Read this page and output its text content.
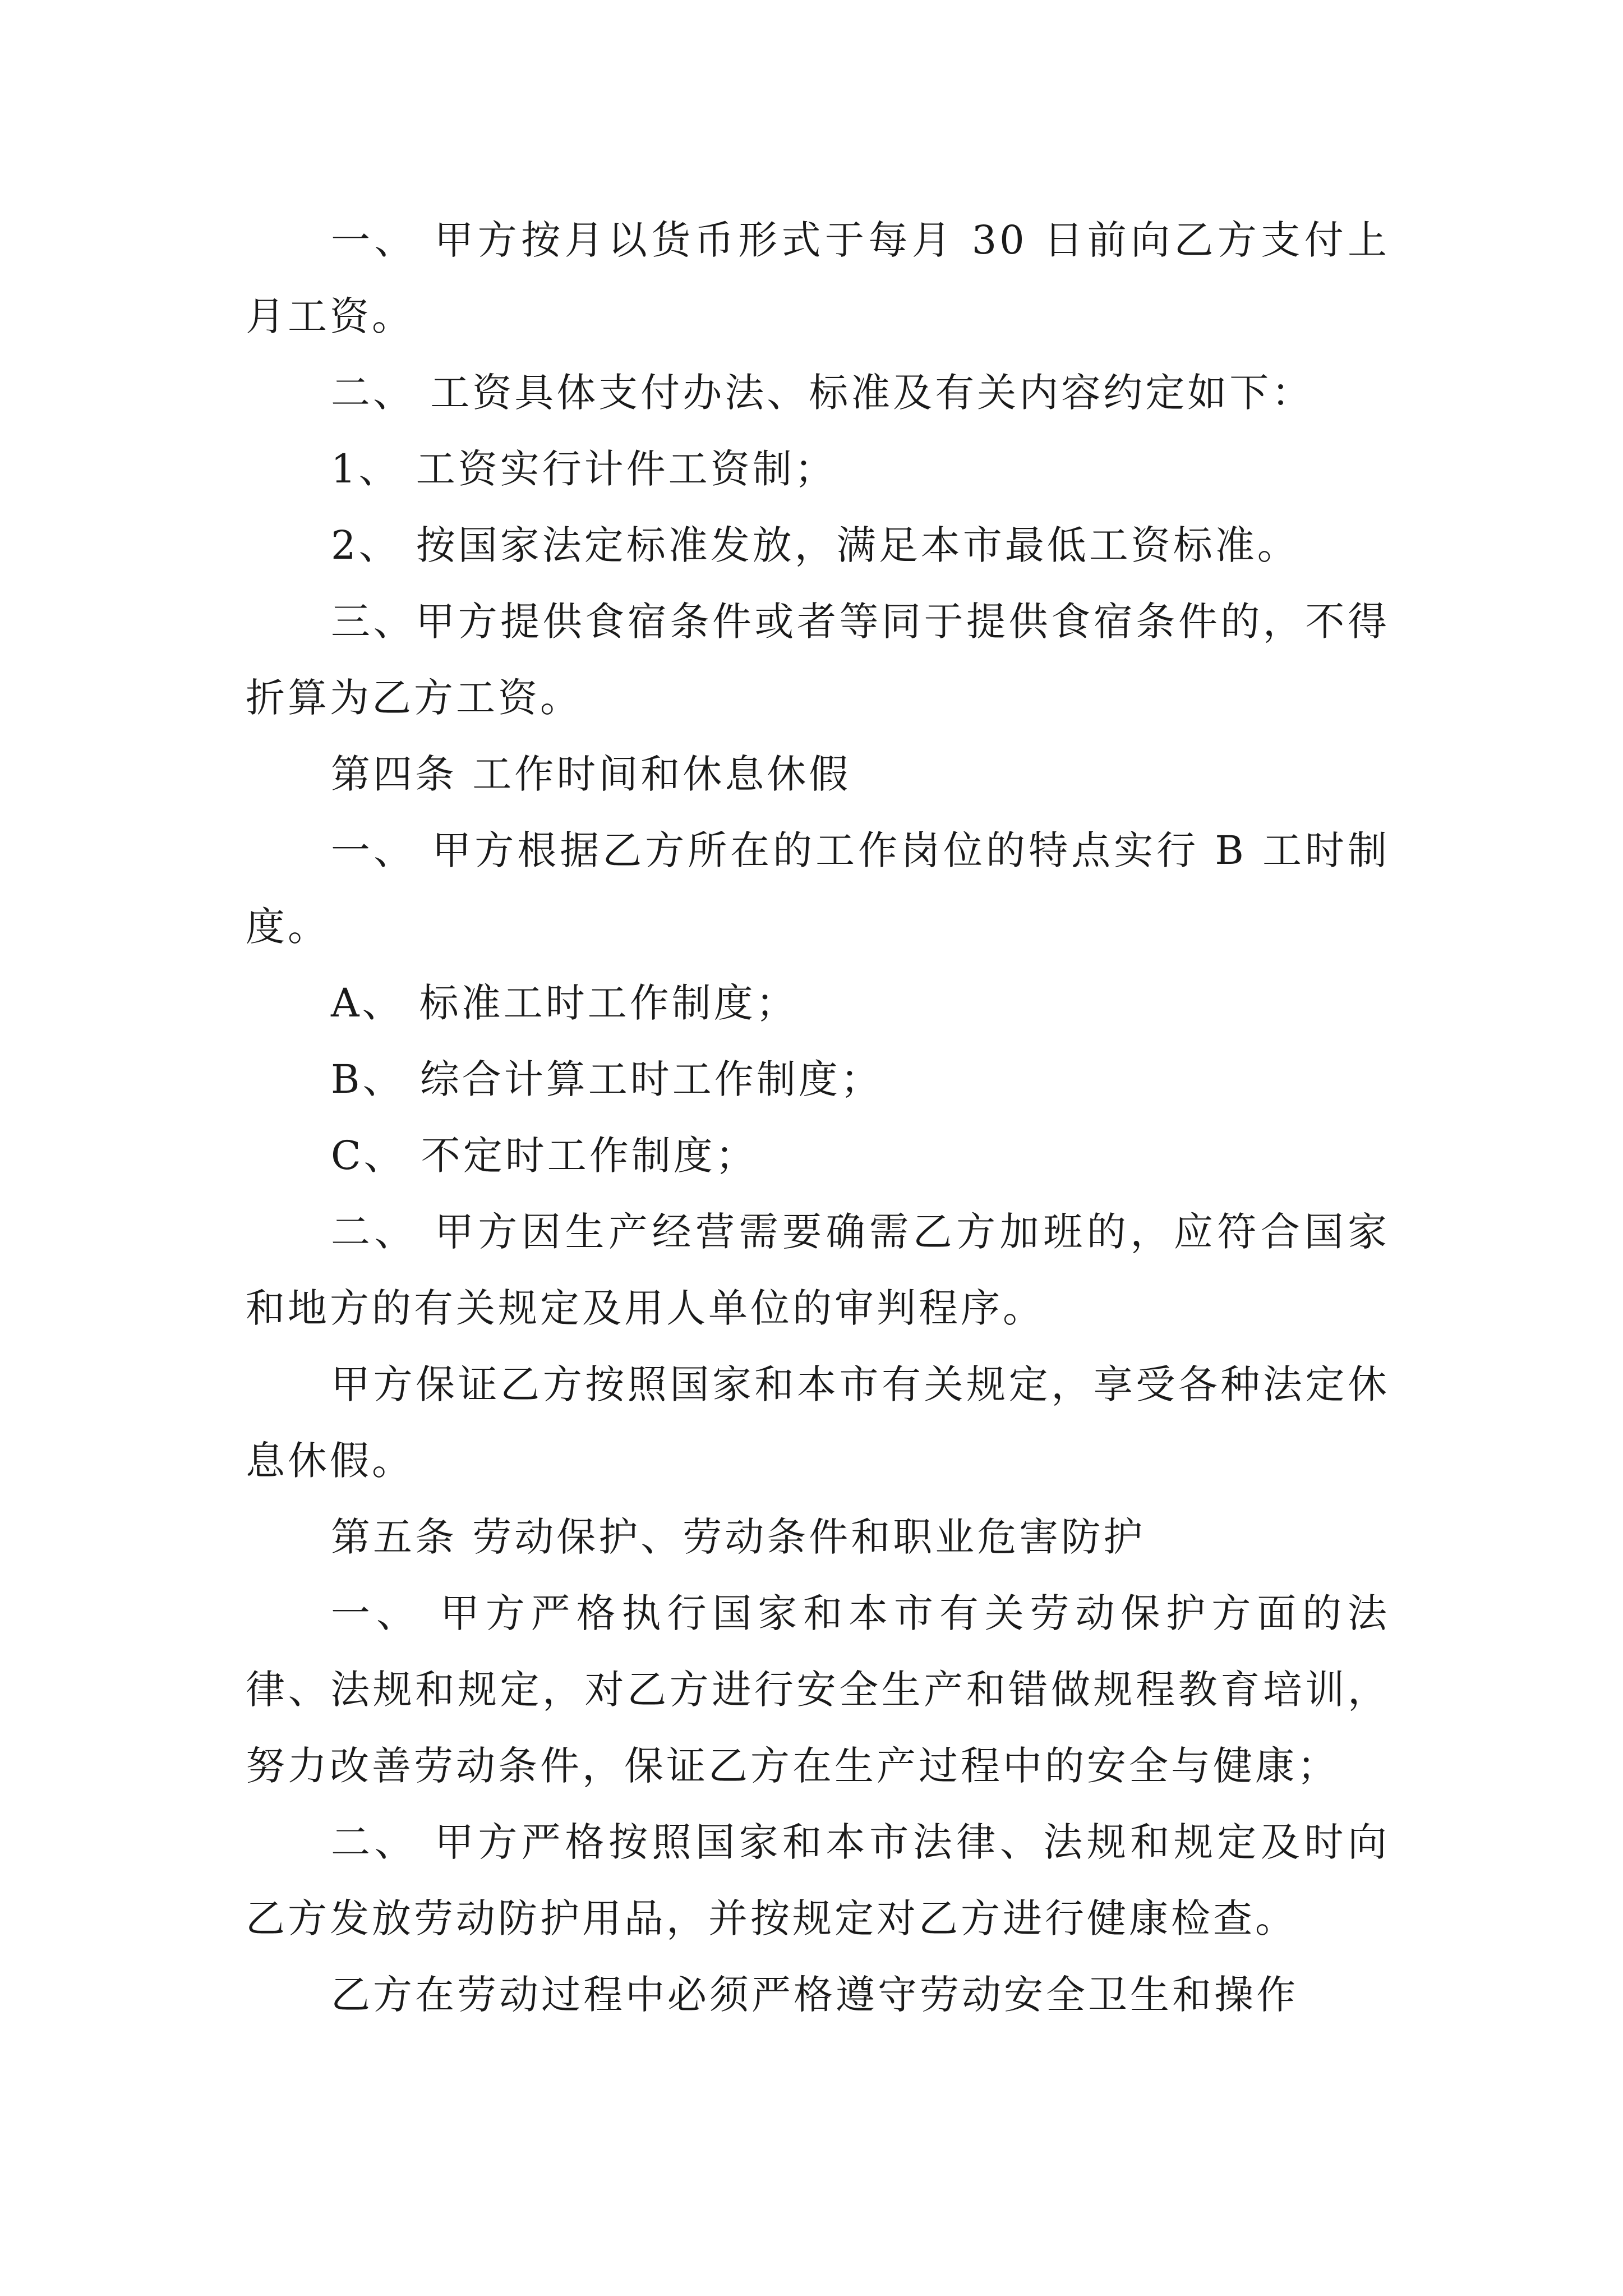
一、 甲方按月以货币形式于每月 30 日前向乙方支付上月工资。

二、 工资具体支付办法、标准及有关内容约定如下：

1、 工资实行计件工资制；

2、 按国家法定标准发放，满足本市最低工资标准。

三、甲方提供食宿条件或者等同于提供食宿条件的，不得折算为乙方工资。

第四条 工作时间和休息休假

一、 甲方根据乙方所在的工作岗位的特点实行 B 工时制度。

A、 标准工时工作制度；

B、 综合计算工时工作制度；

C、 不定时工作制度；

二、 甲方因生产经营需要确需乙方加班的，应符合国家和地方的有关规定及用人单位的审判程序。

甲方保证乙方按照国家和本市有关规定，享受各种法定休息休假。

第五条 劳动保护、劳动条件和职业危害防护

一、 甲方严格执行国家和本市有关劳动保护方面的法律、法规和规定，对乙方进行安全生产和错做规程教育培训，努力改善劳动条件，保证乙方在生产过程中的安全与健康；

二、 甲方严格按照国家和本市法律、法规和规定及时向乙方发放劳动防护用品，并按规定对乙方进行健康检查。

乙方在劳动过程中必须严格遵守劳动安全卫生和操作
